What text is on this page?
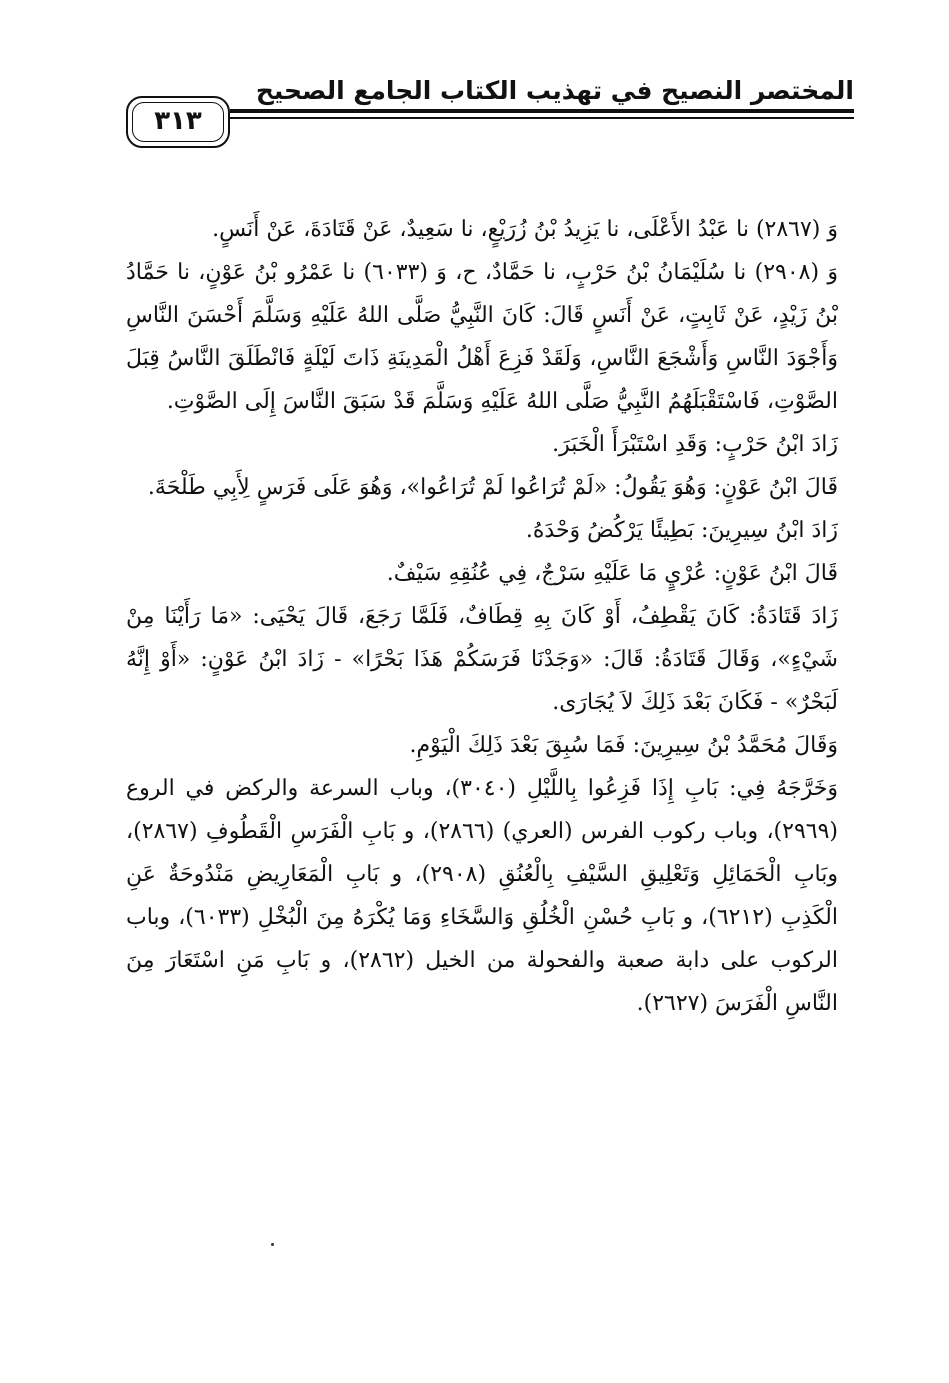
المختصر النصيح في تهذيب الكتاب الجامع الصحيح
٣١٣

وَ (٢٨٦٧) نا عَبْدُ الأَعْلَى، نا يَزِيدُ بْنُ زُرَيْعٍ، نا سَعِيدٌ، عَنْ قَتَادَةَ، عَنْ أَنَسٍ.

وَ (٢٩٠٨) نا سُلَيْمَانُ بْنُ حَرْبٍ، نا حَمَّادٌ، ح، وَ (٦٠٣٣) نا عَمْرُو بْنُ عَوْنٍ، نا حَمَّادُ بْنُ زَيْدٍ، عَنْ ثَابِتٍ، عَنْ أَنَسٍ قَالَ: كَانَ النَّبِيُّ صَلَّى اللهُ عَلَيْهِ وَسَلَّمَ أَحْسَنَ النَّاسِ وَأَجْوَدَ النَّاسِ وَأَشْجَعَ النَّاسِ، وَلَقَدْ فَزِعَ أَهْلُ الْمَدِينَةِ ذَاتَ لَيْلَةٍ فَانْطَلَقَ النَّاسُ قِبَلَ الصَّوْتِ، فَاسْتَقْبَلَهُمُ النَّبِيُّ صَلَّى اللهُ عَلَيْهِ وَسَلَّمَ قَدْ سَبَقَ النَّاسَ إِلَى الصَّوْتِ.

زَادَ ابْنُ حَرْبٍ: وَقَدِ اسْتَبْرَأَ الْخَبَرَ.

قَالَ ابْنُ عَوْنٍ: وَهُوَ يَقُولُ: «لَمْ تُرَاعُوا لَمْ تُرَاعُوا»، وَهُوَ عَلَى فَرَسٍ لِأَبِي طَلْحَةَ.

زَادَ ابْنُ سِيرِينَ: بَطِيئًا يَرْكُضُ وَحْدَهُ.

قَالَ ابْنُ عَوْنٍ: عُرْيٍ مَا عَلَيْهِ سَرْجٌ، فِي عُنُقِهِ سَيْفٌ.

زَادَ قَتَادَةُ: كَانَ يَقْطِفُ، أَوْ كَانَ بِهِ قِطَافٌ، فَلَمَّا رَجَعَ، قَالَ يَحْيَى: «مَا رَأَيْنَا مِنْ شَيْءٍ»، وَقَالَ قَتَادَةُ: قَالَ: «وَجَدْنَا فَرَسَكُمْ هَذَا بَحْرًا» - زَادَ ابْنُ عَوْنٍ: «أَوْ إِنَّهُ لَبَحْرٌ» - فَكَانَ بَعْدَ ذَلِكَ لاَ يُجَارَى.

وَقَالَ مُحَمَّدُ بْنُ سِيرِينَ: فَمَا سُبِقَ بَعْدَ ذَلِكَ الْيَوْمِ.

وَخَرَّجَهُ فِي: بَابِ إِذَا فَزِعُوا بِاللَّيْلِ (٣٠٤٠)، وباب السرعة والركض في الروع (٢٩٦٩)، وباب ركوب الفرس (العري) (٢٨٦٦)، و بَابِ الْفَرَسِ الْقَطُوفِ (٢٨٦٧)، وبَابِ الْحَمَائِلِ وَتَعْلِيقِ السَّيْفِ بِالْعُنُقِ (٢٩٠٨)، و بَابِ الْمَعَارِيضِ مَنْدُوحَةٌ عَنِ الْكَذِبِ (٦٢١٢)، و بَابِ حُسْنِ الْخُلُقِ وَالسَّخَاءِ وَمَا يُكْرَهُ مِنَ الْبُخْلِ (٦٠٣٣)، وباب الركوب على دابة صعبة والفحولة من الخيل (٢٨٦٢)، و بَابِ مَنِ اسْتَعَارَ مِنَ النَّاسِ الْفَرَسَ (٢٦٢٧).
